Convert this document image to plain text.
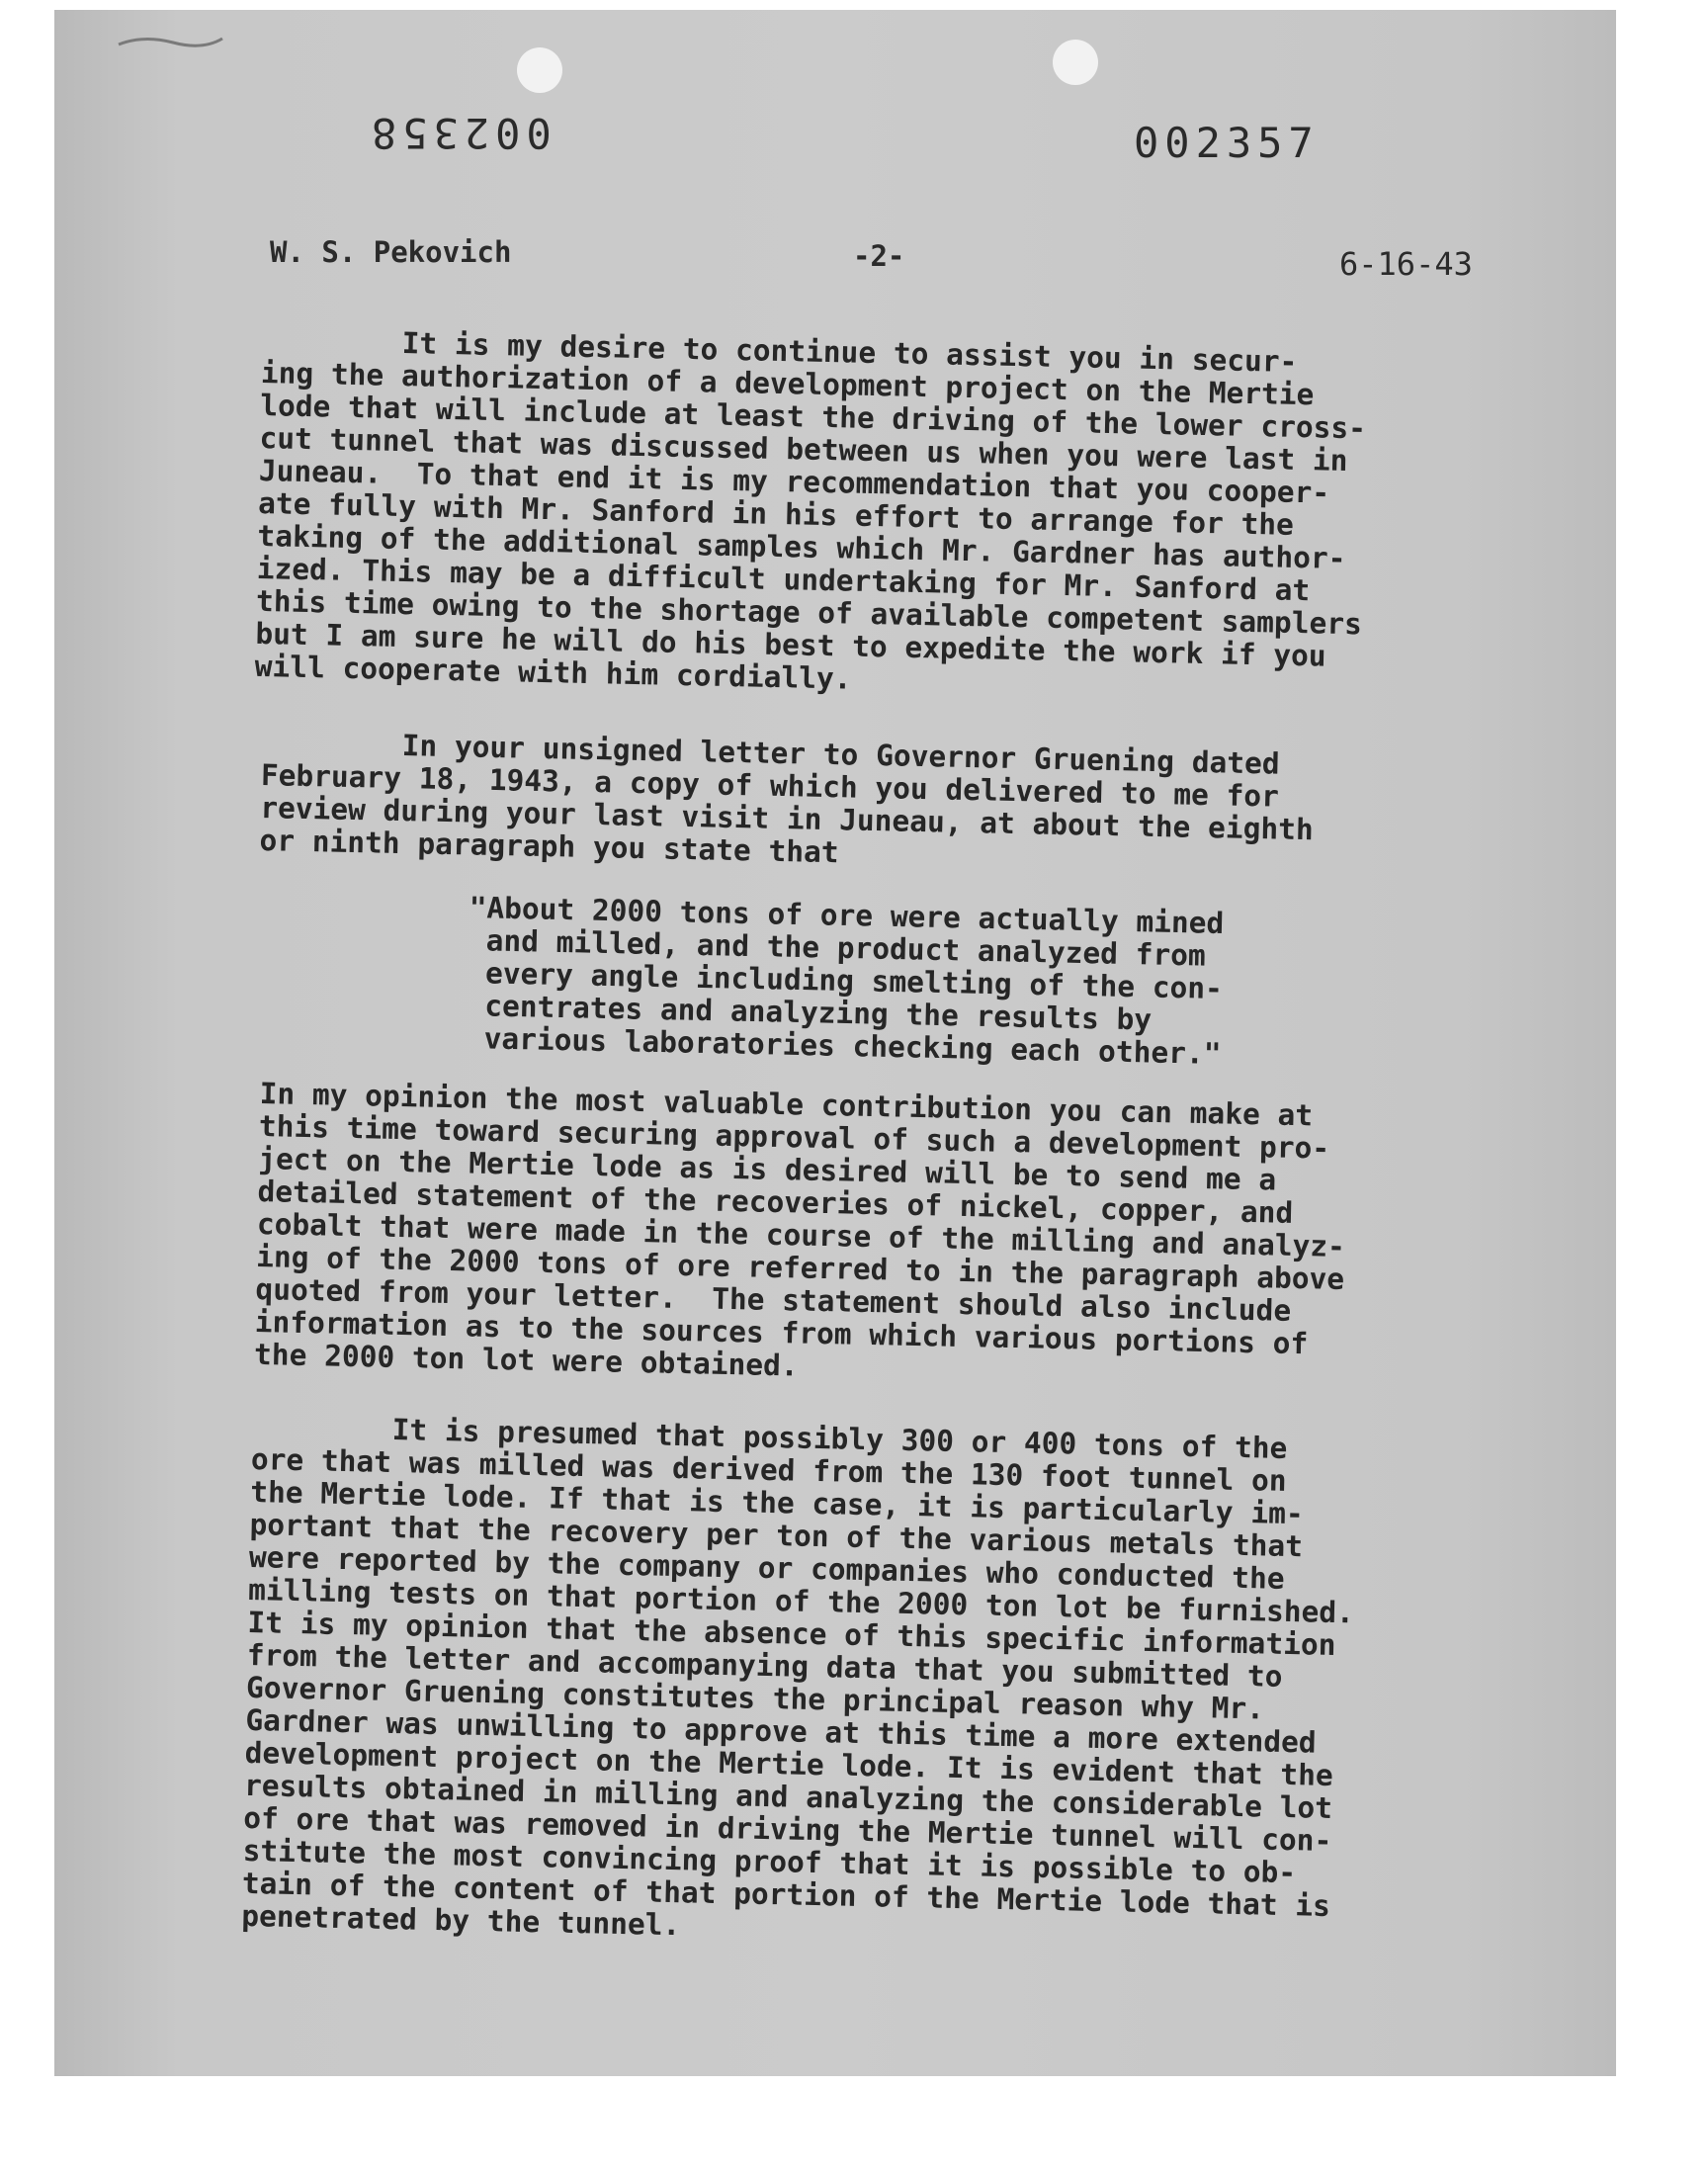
002358	002357
W. S. Pekovich	-2-	6-16-43

It is my desire to continue to assist you in secur-
ing the authorization of a development project on the Mertie
lode that will include at least the driving of the lower cross-
cut tunnel that was discussed between us when you were last in
Juneau.  To that end it is my recommendation that you cooper-
ate fully with Mr. Sanford in his effort to arrange for the
taking of the additional samples which Mr. Gardner has author-
ized. This may be a difficult undertaking for Mr. Sanford at
this time owing to the shortage of available competent samplers
but I am sure he will do his best to expedite the work if you
will cooperate with him cordially.

In your unsigned letter to Governor Gruening dated
February 18, 1943, a copy of which you delivered to me for
review during your last visit in Juneau, at about the eighth
or ninth paragraph you state that

"About 2000 tons of ore were actually mined
and milled, and the product analyzed from
every angle including smelting of the con-
centrates and analyzing the results by
various laboratories checking each other."

In my opinion the most valuable contribution you can make at
this time toward securing approval of such a development pro-
ject on the Mertie lode as is desired will be to send me a
detailed statement of the recoveries of nickel, copper, and
cobalt that were made in the course of the milling and analyz-
ing of the 2000 tons of ore referred to in the paragraph above
quoted from your letter.  The statement should also include
information as to the sources from which various portions of
the 2000 ton lot were obtained.

It is presumed that possibly 300 or 400 tons of the
ore that was milled was derived from the 130 foot tunnel on
the Mertie lode. If that is the case, it is particularly im-
portant that the recovery per ton of the various metals that
were reported by the company or companies who conducted the
milling tests on that portion of the 2000 ton lot be furnished.
It is my opinion that the absence of this specific information
from the letter and accompanying data that you submitted to
Governor Gruening constitutes the principal reason why Mr.
Gardner was unwilling to approve at this time a more extended
development project on the Mertie lode. It is evident that the
results obtained in milling and analyzing the considerable lot
of ore that was removed in driving the Mertie tunnel will con-
stitute the most convincing proof that it is possible to ob-
tain of the content of that portion of the Mertie lode that is
penetrated by the tunnel.
